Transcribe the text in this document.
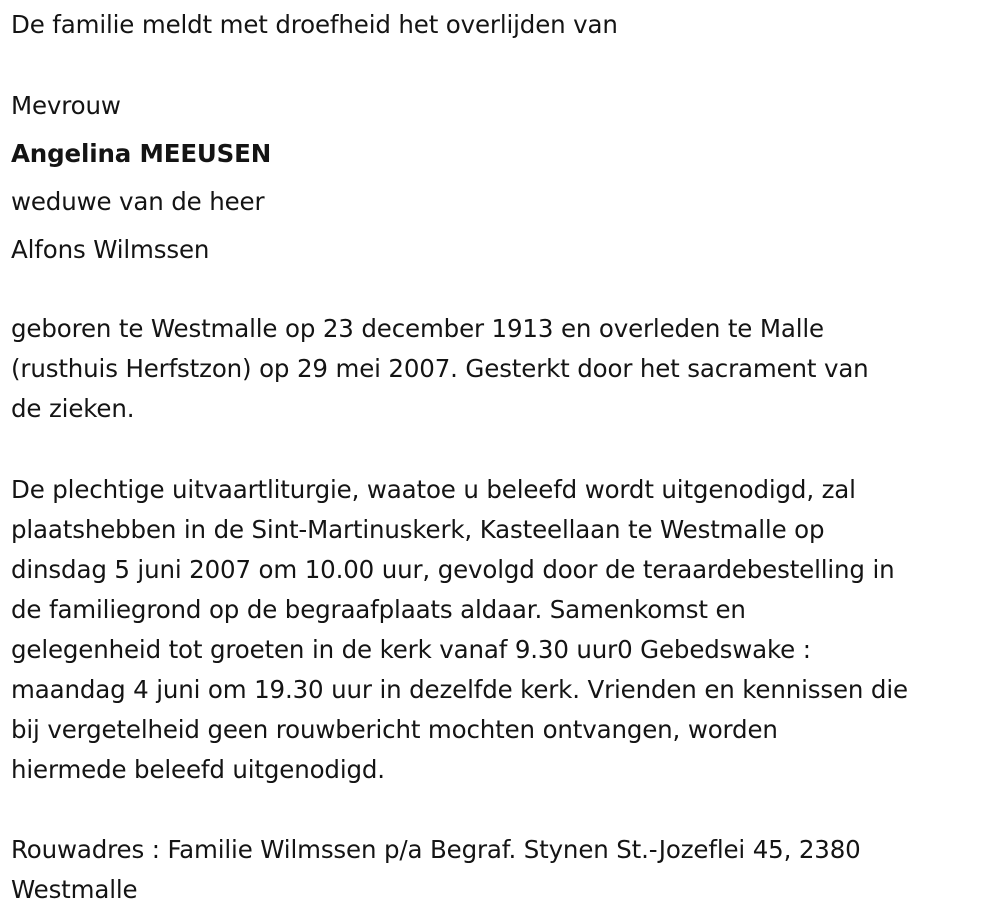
De familie meldt met droefheid het overlijden van
Mevrouw
Angelina MEEUSEN
weduwe van de heer
Alfons Wilmssen
geboren te Westmalle op 23 december 1913 en overleden te Malle
(rusthuis Herfstzon) op 29 mei 2007. Gesterkt door het sacrament van
de zieken.
De plechtige uitvaartliturgie, waatoe u beleefd wordt uitgenodigd, zal
plaatshebben in de Sint-Martinuskerk, Kasteellaan te Westmalle op
dinsdag 5 juni 2007 om 10.00 uur, gevolgd door de teraardebestelling in
de familiegrond op de begraafplaats aldaar. Samenkomst en
gelegenheid tot groeten in de kerk vanaf 9.30 uur0 Gebedswake :
maandag 4 juni om 19.30 uur in dezelfde kerk. Vrienden en kennissen die
bij vergetelheid geen rouwbericht mochten ontvangen, worden
hiermede beleefd uitgenodigd.
Rouwadres : Familie Wilmssen p/a Begraf. Stynen St.-Jozeflei 45, 2380
Westmalle
